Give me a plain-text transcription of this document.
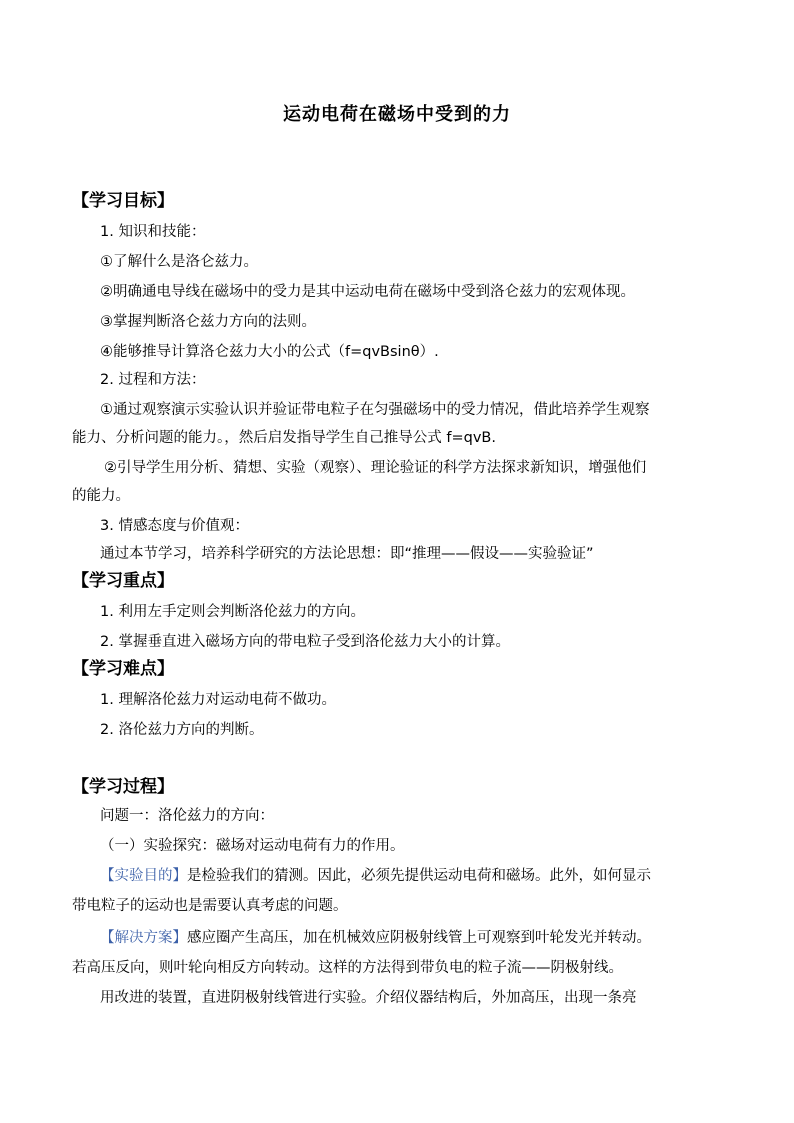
运动电荷在磁场中受到的力
【学习目标】
1. 知识和技能：
①了解什么是洛仑兹力。
②明确通电导线在磁场中的受力是其中运动电荷在磁场中受到洛仑兹力的宏观体现。
③掌握判断洛仑兹力方向的法则。
④能够推导计算洛仑兹力大小的公式（f=qvBsinθ）.
2. 过程和方法：
①通过观察演示实验认识并验证带电粒子在匀强磁场中的受力情况，借此培养学生观察
能力、分析问题的能力。，然后启发指导学生自己推导公式 f=qvB.
②引导学生用分析、猜想、实验（观察）、理论验证的科学方法探求新知识，增强他们
的能力。
3. 情感态度与价值观：
通过本节学习，培养科学研究的方法论思想：即“推理——假设——实验验证”
【学习重点】
1. 利用左手定则会判断洛伦兹力的方向。
2. 掌握垂直进入磁场方向的带电粒子受到洛伦兹力大小的计算。
【学习难点】
1. 理解洛伦兹力对运动电荷不做功。
2. 洛伦兹力方向的判断。
【学习过程】
问题一：洛伦兹力的方向：
（一）实验探究：磁场对运动电荷有力的作用。
【实验目的】是检验我们的猜测。因此，必须先提供运动电荷和磁场。此外，如何显示
带电粒子的运动也是需要认真考虑的问题。
【解决方案】感应圈产生高压，加在机械效应阴极射线管上可观察到叶轮发光并转动。
若高压反向，则叶轮向相反方向转动。这样的方法得到带负电的粒子流——阴极射线。
用改进的装置，直进阴极射线管进行实验。介绍仪器结构后，外加高压，出现一条亮
